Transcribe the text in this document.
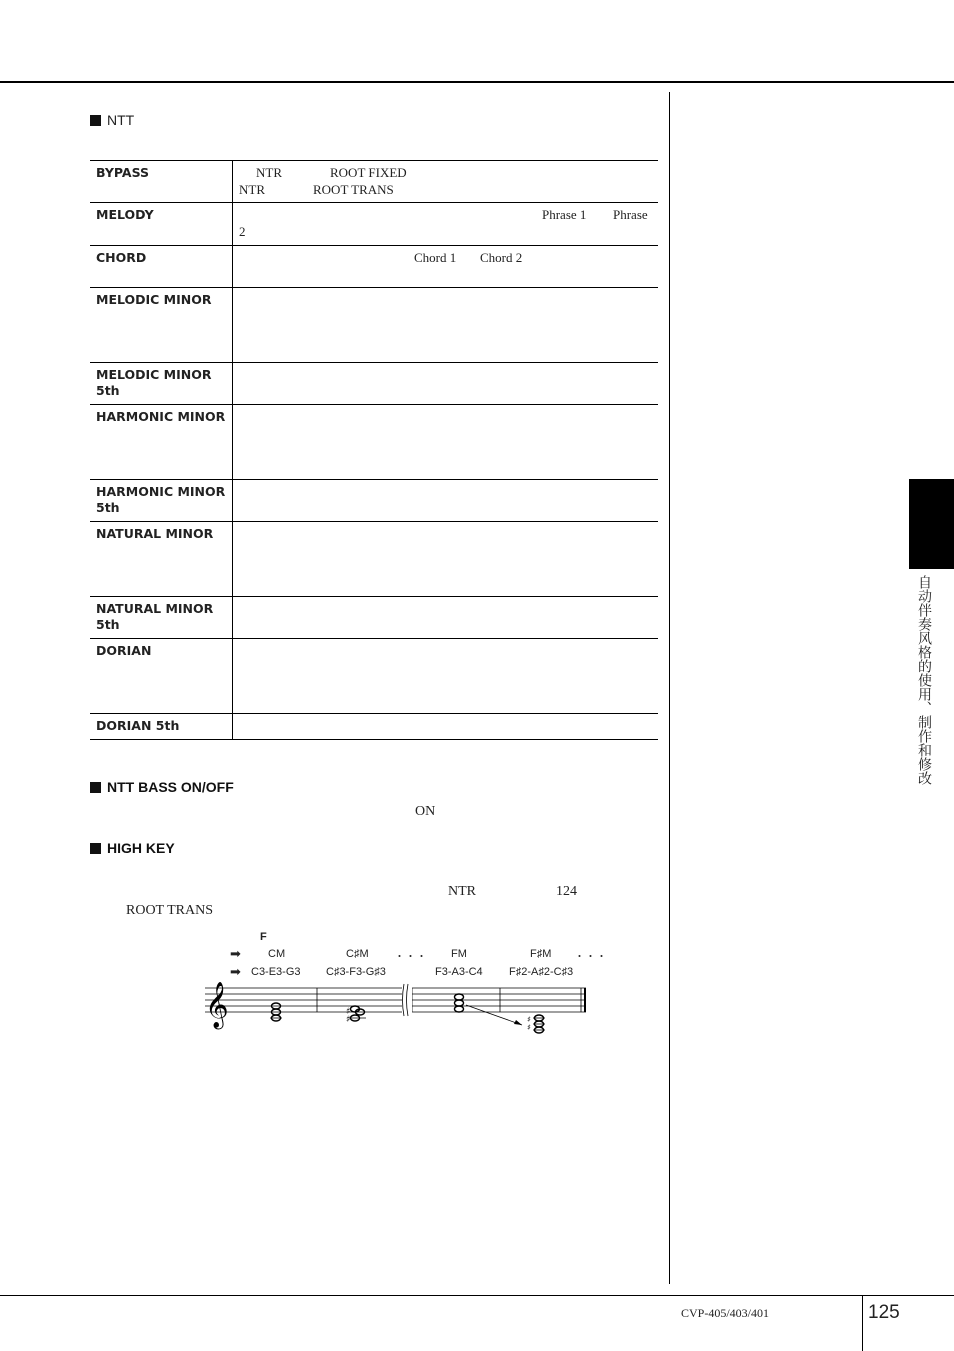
NTT
BYPASS	NTR ROOT FIXED
NTR ROOT TRANS

MELODY	Phrase 1 Phrase
2

CHORD	Chord 1 Chord 2

MELODIC MINOR	
MELODIC MINOR 5th	
HARMONIC MINOR	
HARMONIC MINOR 5th	
NATURAL MINOR	
NATURAL MINOR 5th	
DORIAN	
DORIAN 5th	
NTT BASS ON/OFF
ON
HIGH KEY
NTR	124
ROOT TRANS
F
➡ CM	C♯M ・・・ FM	F♯M ・・・
➡ C3-E3-G3 C♯3-F3-G♯3	F3-A3-C4 F♯2-A♯2-C♯3
𝄞	♯
♯	♯
♯
自动伴奏风格的使用、制作和修改
CVP-405/403/401	125
